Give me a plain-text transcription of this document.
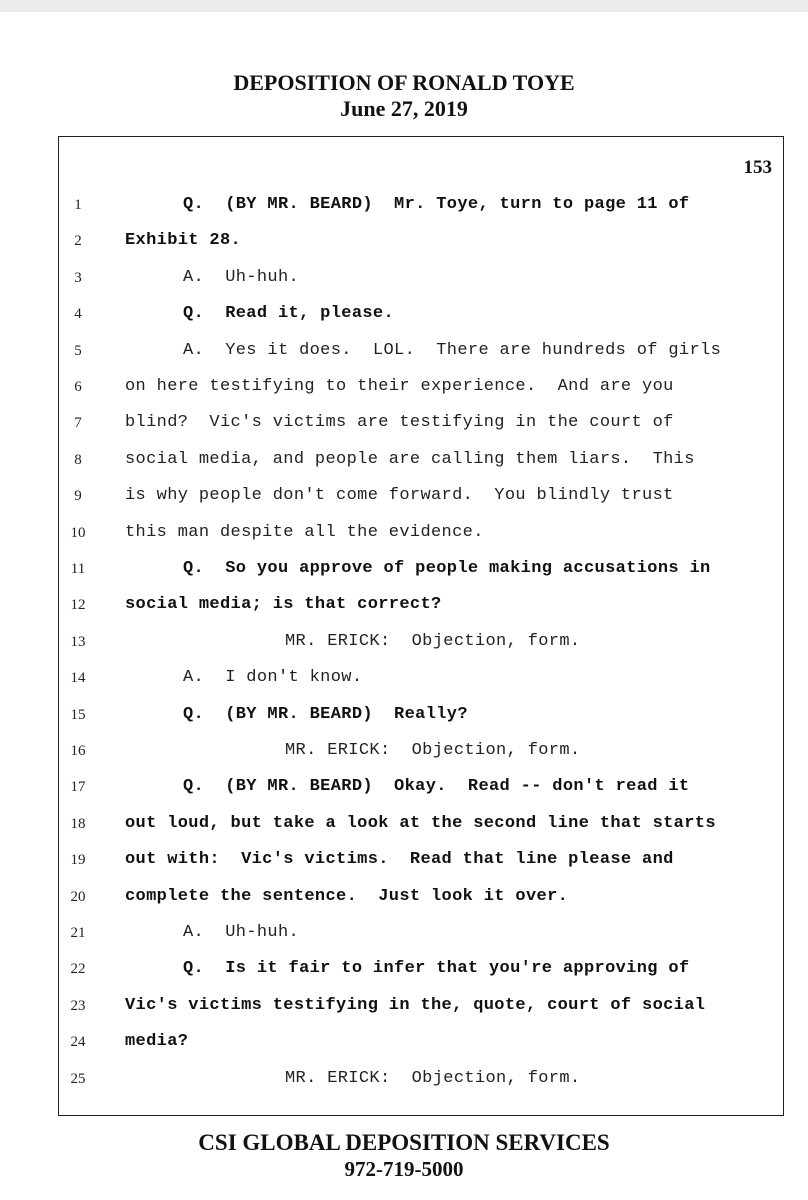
DEPOSITION OF RONALD TOYE
June 27, 2019
153
1	Q.  (BY MR. BEARD)  Mr. Toye, turn to page 11 of
2	Exhibit 28.
3	A.  Uh-huh.
4	Q.  Read it, please.
5	A.  Yes it does.  LOL.  There are hundreds of girls
6	on here testifying to their experience.  And are you
7	blind?  Vic's victims are testifying in the court of
8	social media, and people are calling them liars.  This
9	is why people don't come forward.  You blindly trust
10	this man despite all the evidence.
11	Q.  So you approve of people making accusations in
12	social media; is that correct?
13	MR. ERICK:  Objection, form.
14	A.  I don't know.
15	Q.  (BY MR. BEARD)  Really?
16	MR. ERICK:  Objection, form.
17	Q.  (BY MR. BEARD)  Okay.  Read -- don't read it
18	out loud, but take a look at the second line that starts
19	out with:  Vic's victims.  Read that line please and
20	complete the sentence.  Just look it over.
21	A.  Uh-huh.
22	Q.  Is it fair to infer that you're approving of
23	Vic's victims testifying in the, quote, court of social
24	media?
25	MR. ERICK:  Objection, form.
CSI GLOBAL DEPOSITION SERVICES
972-719-5000
